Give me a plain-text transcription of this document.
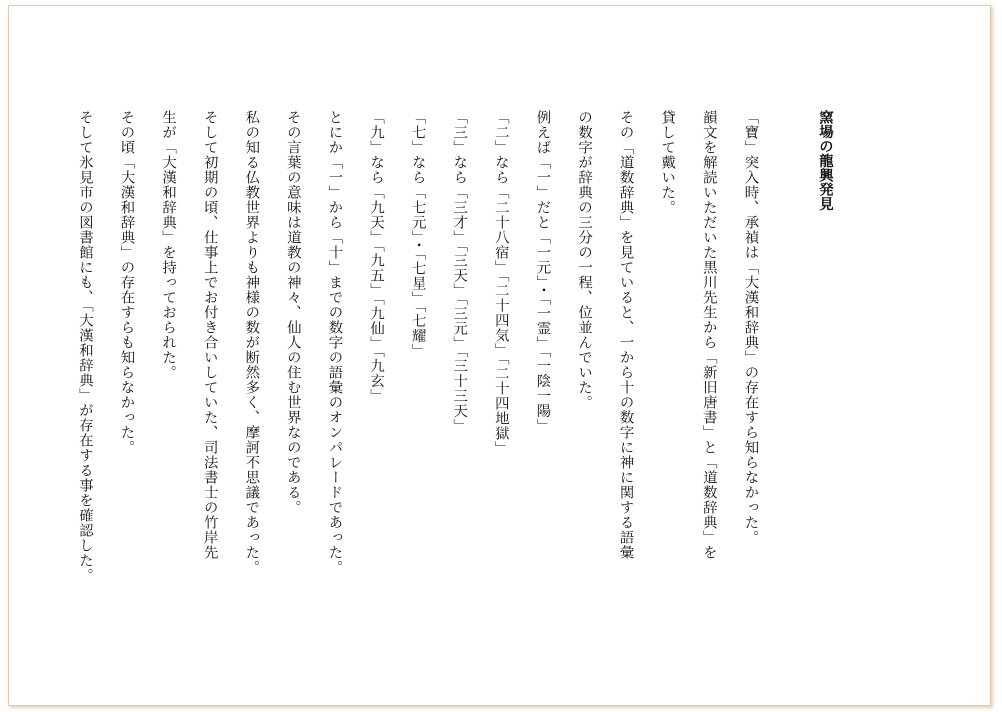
窯場の龍興発見

「寶」突入時、承禎は「大漢和辞典」の存在すら知らなかった。

韻文を解読いただいた黒川先生から「新旧唐書」と「道数辞典」を

貸して戴いた。

その「道数辞典」を見ていると、一から十の数字に神に関する語彙

の数字が辞典の三分の一程、位並んでいた。

例えば「一」だと「一元」・「一霊」「一陰一陽」

「二」なら「二十八宿」「二十四気」「二十四地獄」

「三」なら「三才」「三天」「三元」「三十三天」

「七」なら「七元」・「七星」「七耀」

「九」なら「九天」「九五」「九仙」「九玄」

とにか「一」から「十」までの数字の語彙のオンパレードであった。

その言葉の意味は道教の神々、仙人の住む世界なのである。

私の知る仏教世界よりも神様の数が断然多く、摩訶不思議であった。

そして初期の頃、仕事上でお付き合いしていた、司法書士の竹岸先

生が「大漢和辞典」を持っておられた。

その頃「大漢和辞典」の存在すらも知らなかった。

そして氷見市の図書館にも、「大漢和辞典」が存在する事を確認した。
